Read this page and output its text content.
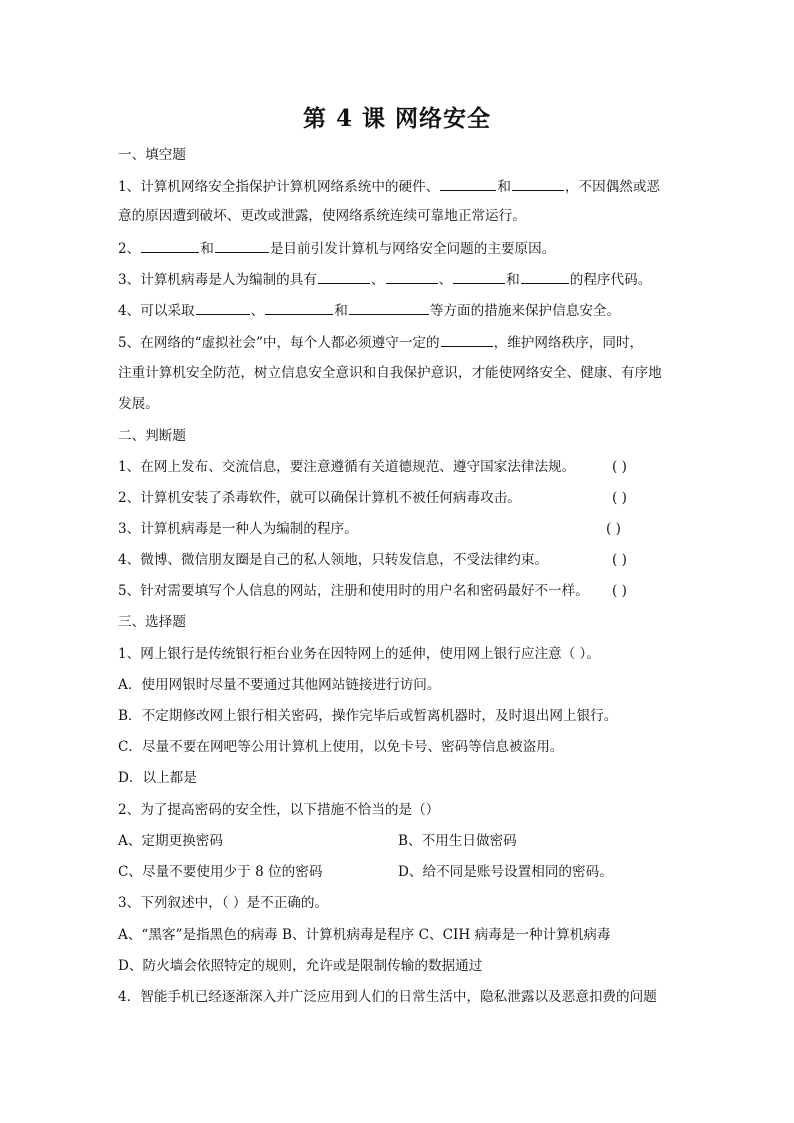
第 4 课 网络安全
一、填空题
1、计算机网络安全指保护计算机网络系统中的硬件、	和	，不因偶然或恶
意的原因遭到破坏、更改或泄露，使网络系统连续可靠地正常运行。
2、	和	是目前引发计算机与网络安全问题的主要原因。
3、计算机病毒是人为编制的具有	、	、	和	的程序代码。
4、可以采取	、	和	等方面的措施来保护信息安全。
5、在网络的“虚拟社会”中，每个人都必须遵守一定的	，维护网络秩序，同时，
注重计算机安全防范，树立信息安全意识和自我保护意识，才能使网络安全、健康、有序地
发展。
二、判断题
1、在网上发布、交流信息，要注意遵循有关道德规范、遵守国家法律法规。	( )
2、计算机安装了杀毒软件，就可以确保计算机不被任何病毒攻击。	( )
3、计算机病毒是一种人为编制的程序。	( )
4、微博、微信朋友圈是自己的私人领地，只转发信息，不受法律约束。	( )
5、针对需要填写个人信息的网站，注册和使用时的用户名和密码最好不一样。 ( )
三、选择题
1、网上银行是传统银行柜台业务在因特网上的延伸，使用网上银行应注意（ ）。
A．使用网银时尽量不要通过其他网站链接进行访问。
B．不定期修改网上银行相关密码，操作完毕后或暂离机器时，及时退出网上银行。
C．尽量不要在网吧等公用计算机上使用，以免卡号、密码等信息被盗用。
D．以上都是
2、为了提高密码的安全性，以下措施不恰当的是（）
A、定期更换密码	B、不用生日做密码
C、尽量不要使用少于 8 位的密码	D、给不同是账号设置相同的密码。
3、下列叙述中，（ ）是不正确的。
A、“黑客”是指黑色的病毒 B、计算机病毒是程序 C、CIH 病毒是一种计算机病毒
D、防火墙会依照特定的规则，允许或是限制传输的数据通过
4．智能手机已经逐渐深入并广泛应用到人们的日常生活中，隐私泄露以及恶意扣费的问题
